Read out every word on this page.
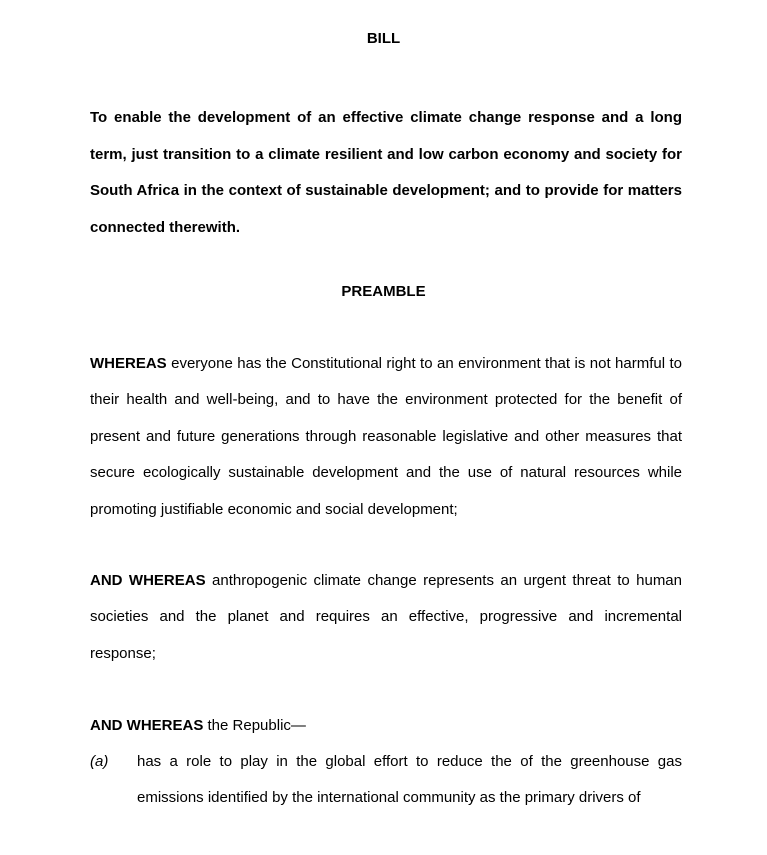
BILL
To enable the development of an effective climate change response and a long term, just transition to a climate resilient and low carbon economy and society for South Africa in the context of sustainable development; and to provide for matters connected therewith.
PREAMBLE
WHEREAS everyone has the Constitutional right to an environment that is not harmful to their health and well-being, and to have the environment protected for the benefit of present and future generations through reasonable legislative and other measures that secure ecologically sustainable development and the use of natural resources while promoting justifiable economic and social development;
AND WHEREAS anthropogenic climate change represents an urgent threat to human societies and the planet and requires an effective, progressive and incremental response;
AND WHEREAS the Republic—
(a) has a role to play in the global effort to reduce the of the greenhouse gas emissions identified by the international community as the primary drivers of
